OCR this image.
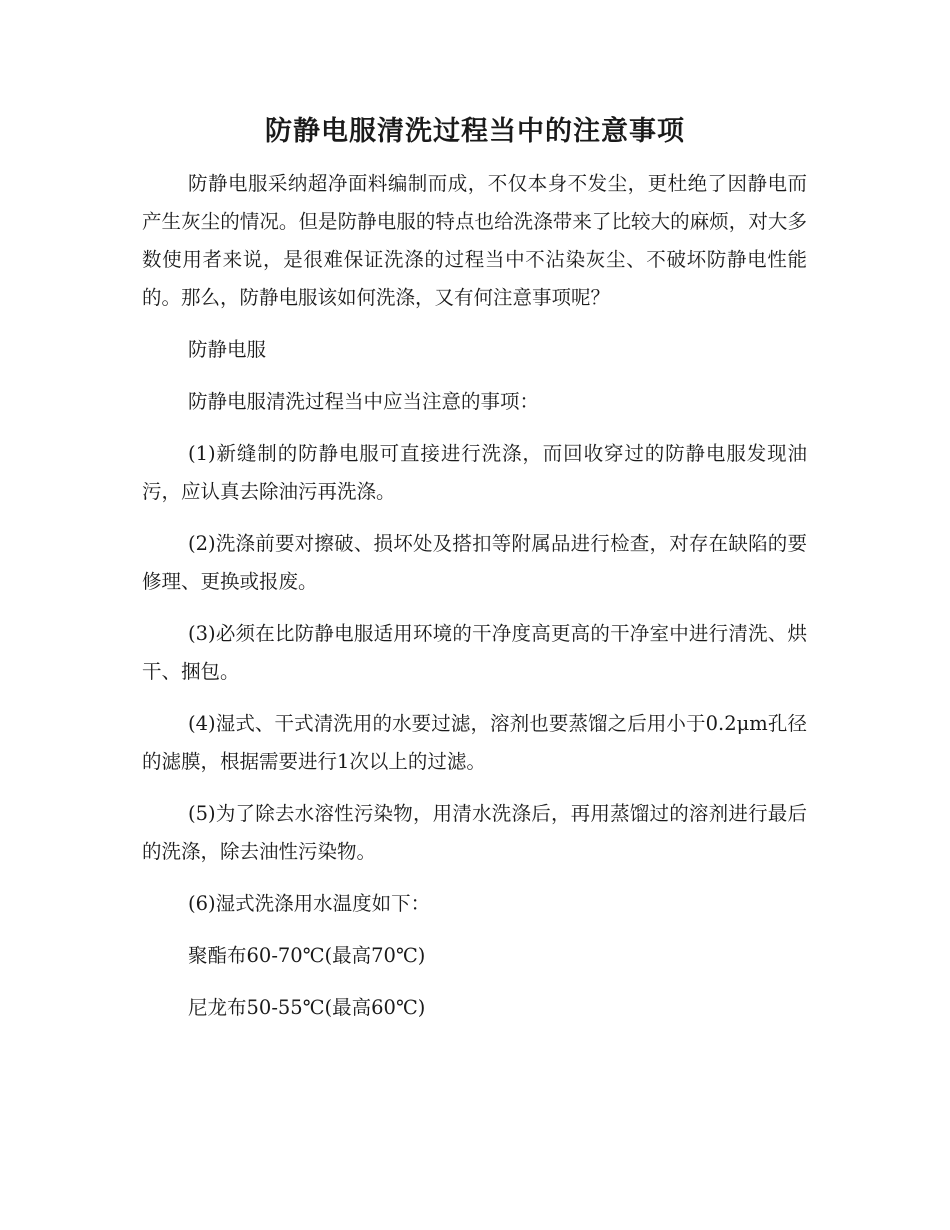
防静电服清洗过程当中的注意事项

防静电服采纳超净面料编制而成，不仅本身不发尘，更杜绝了因静电而产生灰尘的情况。但是防静电服的特点也给洗涤带来了比较大的麻烦，对大多数使用者来说，是很难保证洗涤的过程当中不沾染灰尘、不破坏防静电性能的。那么，防静电服该如何洗涤，又有何注意事项呢？

防静电服

防静电服清洗过程当中应当注意的事项：

(1)新缝制的防静电服可直接进行洗涤，而回收穿过的防静电服发现油污，应认真去除油污再洗涤。

(2)洗涤前要对擦破、损坏处及搭扣等附属品进行检查，对存在缺陷的要修理、更换或报废。

(3)必须在比防静电服适用环境的干净度高更高的干净室中进行清洗、烘干、捆包。

(4)湿式、干式清洗用的水要过滤，溶剂也要蒸馏之后用小于0.2μm孔径的滤膜，根据需要进行1次以上的过滤。

(5)为了除去水溶性污染物，用清水洗涤后，再用蒸馏过的溶剂进行最后的洗涤，除去油性污染物。

(6)湿式洗涤用水温度如下：

聚酯布60-70℃(最高70℃)

尼龙布50-55℃(最高60℃)
